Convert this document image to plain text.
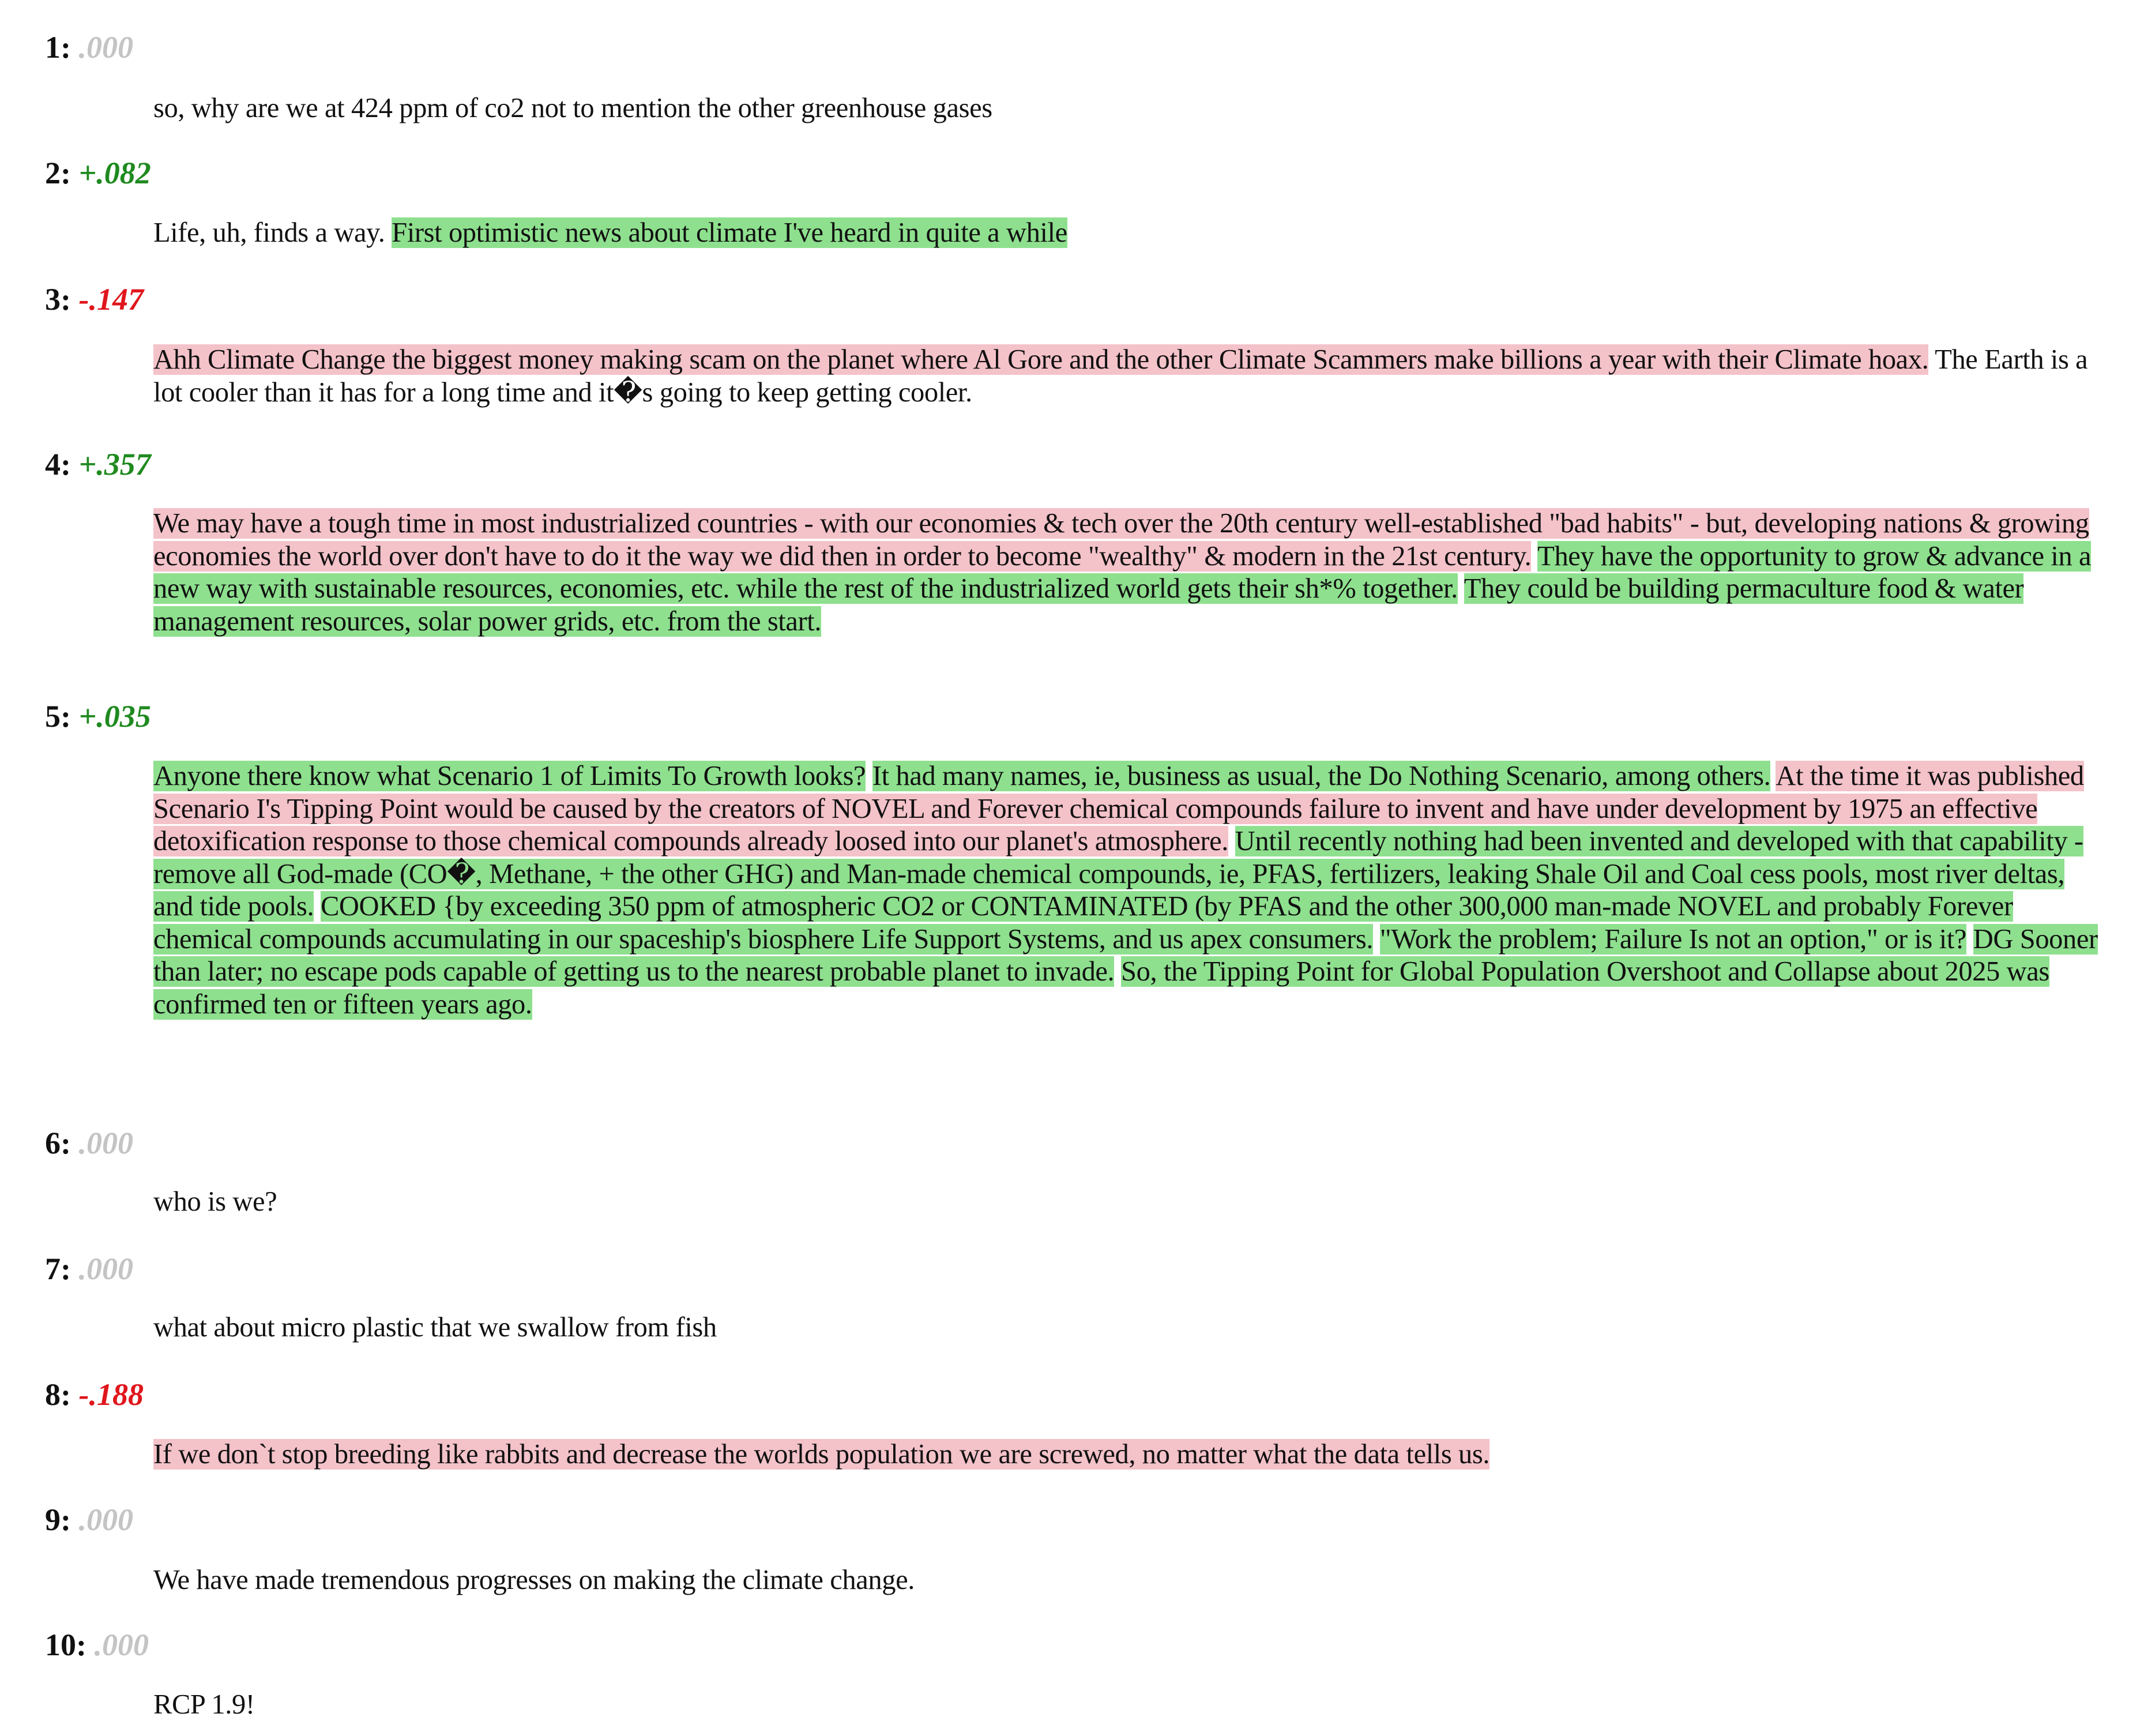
1: .000
so, why are we at 424 ppm of co2 not to mention the other greenhouse gases
2: +.082
Life, uh, finds a way. First optimistic news about climate I've heard in quite a while
3: -.147
Ahh Climate Change the biggest money making scam on the planet where Al Gore and the other Climate Scammers make billions a year with their Climate hoax. The Earth is a lot cooler than it has for a long time and it�s going to keep getting cooler.
4: +.357
We may have a tough time in most industrialized countries - with our economies & tech over the 20th century well-established "bad habits" - but, developing nations & growing economies the world over don't have to do it the way we did then in order to become "wealthy" & modern in the 21st century. They have the opportunity to grow & advance in a new way with sustainable resources, economies, etc. while the rest of the industrialized world gets their sh*% together. They could be building permaculture food & water management resources, solar power grids, etc. from the start.
5: +.035
Anyone there know what Scenario 1 of Limits To Growth looks? It had many names, ie, business as usual, the Do Nothing Scenario, among others. At the time it was published Scenario I's Tipping Point would be caused by the creators of NOVEL and Forever chemical compounds failure to invent and have under development by 1975 an effective detoxification response to those chemical compounds already loosed into our planet's atmosphere. Until recently nothing had been invented and developed with that capability - remove all God-made (CO�, Methane, + the other GHG) and Man-made chemical compounds, ie, PFAS, fertilizers, leaking Shale Oil and Coal cess pools, most river deltas, and tide pools. COOKED {by exceeding 350 ppm of atmospheric CO2 or CONTAMINATED (by PFAS and the other 300,000 man-made NOVEL and probably Forever chemical compounds accumulating in our spaceship's biosphere Life Support Systems, and us apex consumers. "Work the problem; Failure Is not an option," or is it? DG Sooner than later; no escape pods capable of getting us to the nearest probable planet to invade. So, the Tipping Point for Global Population Overshoot and Collapse about 2025 was confirmed ten or fifteen years ago.
6: .000
who is we?
7: .000
what about micro plastic that we swallow from fish
8: -.188
If we don`t stop breeding like rabbits and decrease the worlds population we are screwed, no matter what the data tells us.
9: .000
We have made tremendous progresses on making the climate change.
10: .000
RCP 1.9!
